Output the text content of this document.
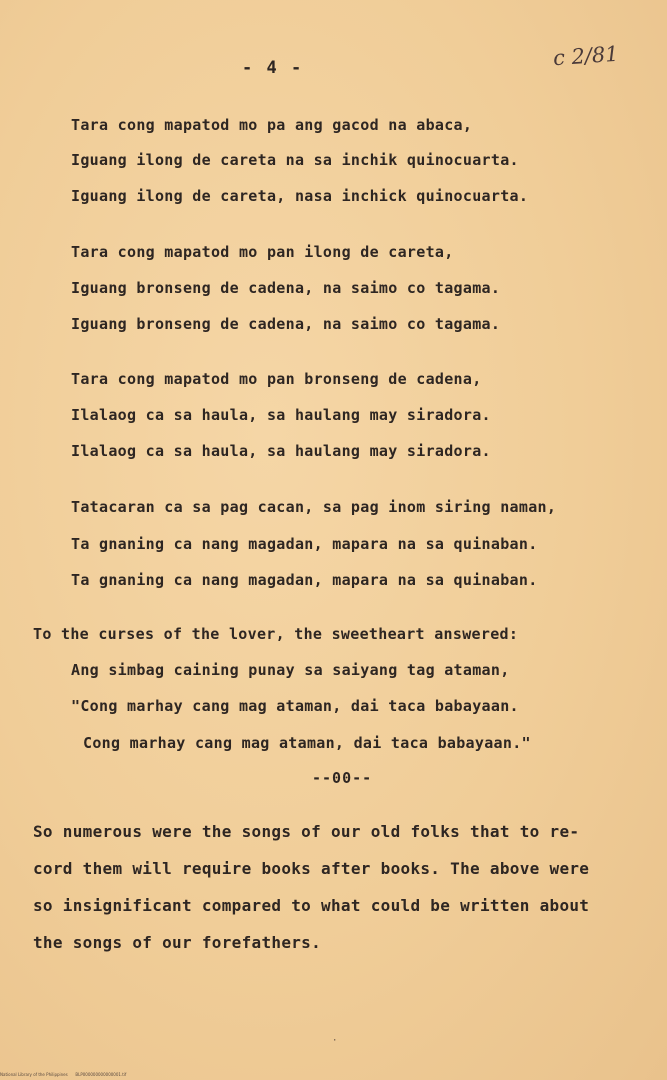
- 4 -	c 2/81
Tara cong mapatod mo pa ang gacod na abaca,
Iguang ilong de careta na sa inchik quinocuarta.
Iguang ilong de careta, nasa inchick quinocuarta.
Tara cong mapatod mo pan ilong de careta,
Iguang bronseng de cadena, na saimo co tagama.
Iguang bronseng de cadena, na saimo co tagama.
Tara cong mapatod mo pan bronseng de cadena,
Ilalaog ca sa haula, sa haulang may siradora.
Ilalaog ca sa haula, sa haulang may siradora.
Tatacaran ca sa pag cacan, sa pag inom siring naman,
Ta gnaning ca nang magadan, mapara na sa quinaban.
Ta gnaning ca nang magadan, mapara na sa quinaban.
To the curses of the lover, the sweetheart answered:
Ang simbag caining punay sa saiyang tag ataman,
"Cong marhay cang mag ataman, dai taca babayaan.
Cong marhay cang mag ataman, dai taca babayaan."
--00--
So numerous were the songs of our old folks that to re-
cord them will require books after books. The above were
so insignificant compared to what could be written about
the songs of our forefathers.
·
National Library of the Philippines BLP000000000000001.tif
